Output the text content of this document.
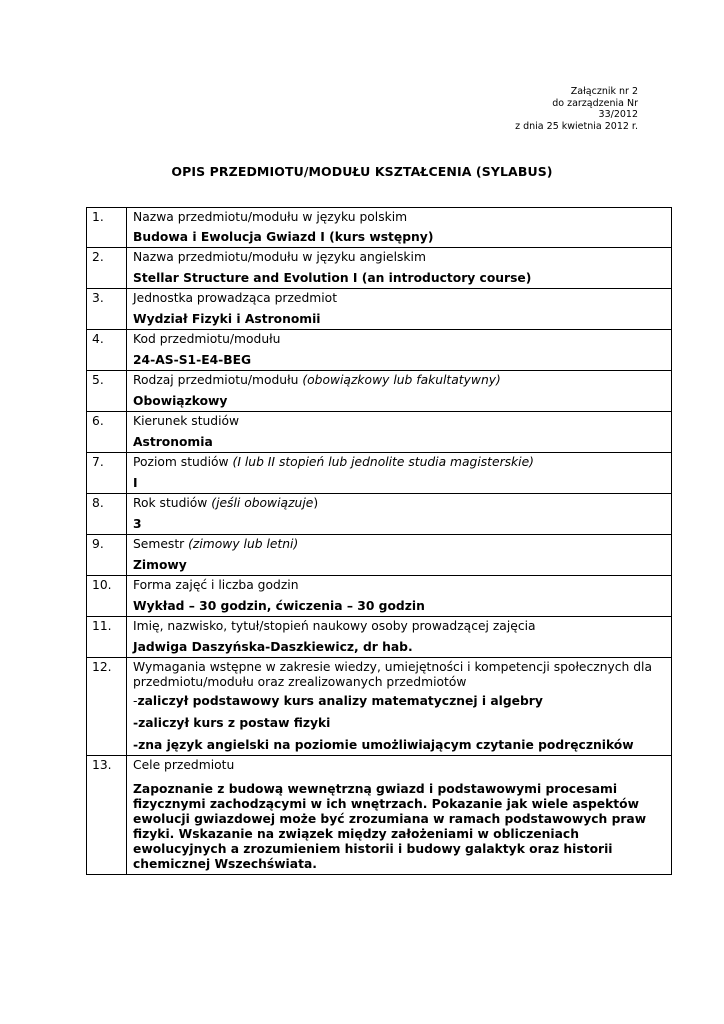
Załącznik nr 2
do zarządzenia Nr
33/2012
z dnia 25 kwietnia 2012 r.
OPIS PRZEDMIOTU/MODUŁU KSZTAŁCENIA (SYLABUS)
1.	Nazwa przedmiotu/modułu w języku polskim
Budowa i Ewolucja Gwiazd I (kurs wstępny)

2.	Nazwa przedmiotu/modułu w języku angielskim
Stellar Structure and Evolution I (an introductory course)

3.	Jednostka prowadząca przedmiot
Wydział Fizyki i Astronomii

4.	Kod przedmiotu/modułu
24-AS-S1-E4-BEG

5.	Rodzaj przedmiotu/modułu (obowiązkowy lub fakultatywny)
Obowiązkowy

6.	Kierunek studiów
Astronomia

7.	Poziom studiów (I lub II stopień lub jednolite studia magisterskie)
I

8.	Rok studiów (jeśli obowiązuje)
3

9.	Semestr (zimowy lub letni)
Zimowy

10.	Forma zajęć i liczba godzin
Wykład – 30 godzin, ćwiczenia – 30 godzin

11.	Imię, nazwisko, tytuł/stopień naukowy osoby prowadzącej zajęcia
Jadwiga Daszyńska-Daszkiewicz, dr hab.

12.	Wymagania wstępne w zakresie wiedzy, umiejętności i kompetencji społecznych dla przedmiotu/modułu oraz zrealizowanych przedmiotów
-zaliczył podstawowy kurs analizy matematycznej i algebry
-zaliczył kurs z postaw fizyki
-zna język angielski na poziomie umożliwiającym czytanie podręczników

13.	Cele przedmiotu
Zapoznanie z budową wewnętrzną gwiazd i podstawowymi procesami fizycznymi zachodzącymi w ich wnętrzach. Pokazanie jak wiele aspektów ewolucji gwiazdowej może być zrozumiana w ramach podstawowych praw fizyki. Wskazanie na związek między założeniami w obliczeniach ewolucyjnych a zrozumieniem historii i budowy galaktyk oraz historii chemicznej Wszechświata.
